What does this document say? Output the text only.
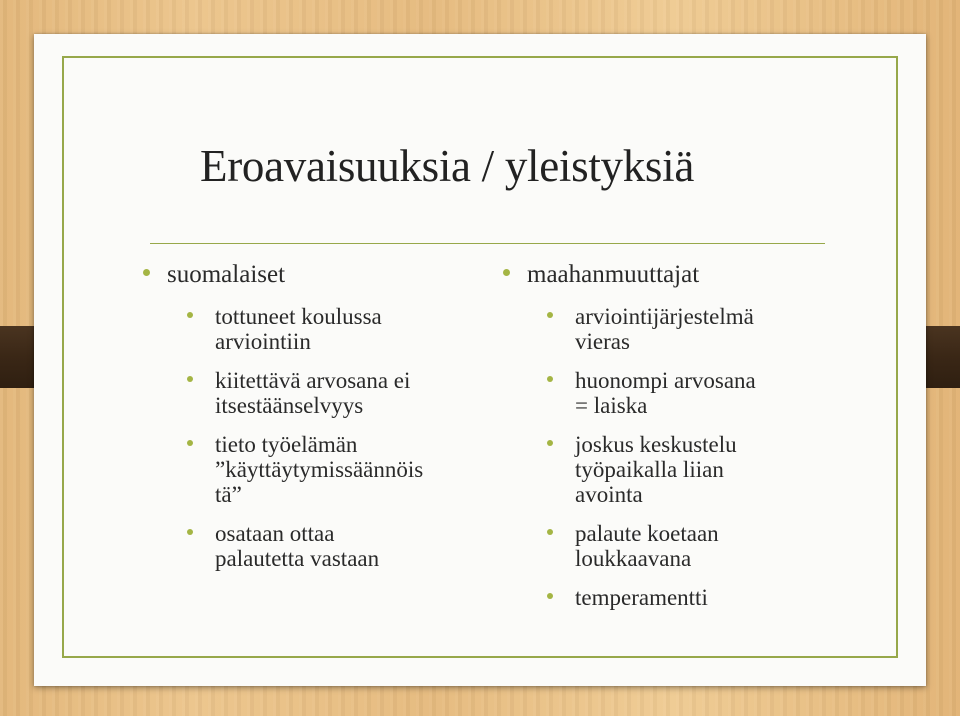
Eroavaisuuksia / yleistyksiä
suomalaiset
tottuneet koulussa
arviointiin
kiitettävä arvosana ei
itsestäänselvyys
tieto työelämän
”käyttäytymissäännöis
tä”
osataan ottaa
palautetta vastaan
maahanmuuttajat
arviointijärjestelmä
vieras
huonompi arvosana
= laiska
joskus keskustelu
työpaikalla liian
avointa
palaute koetaan
loukkaavana
temperamentti
